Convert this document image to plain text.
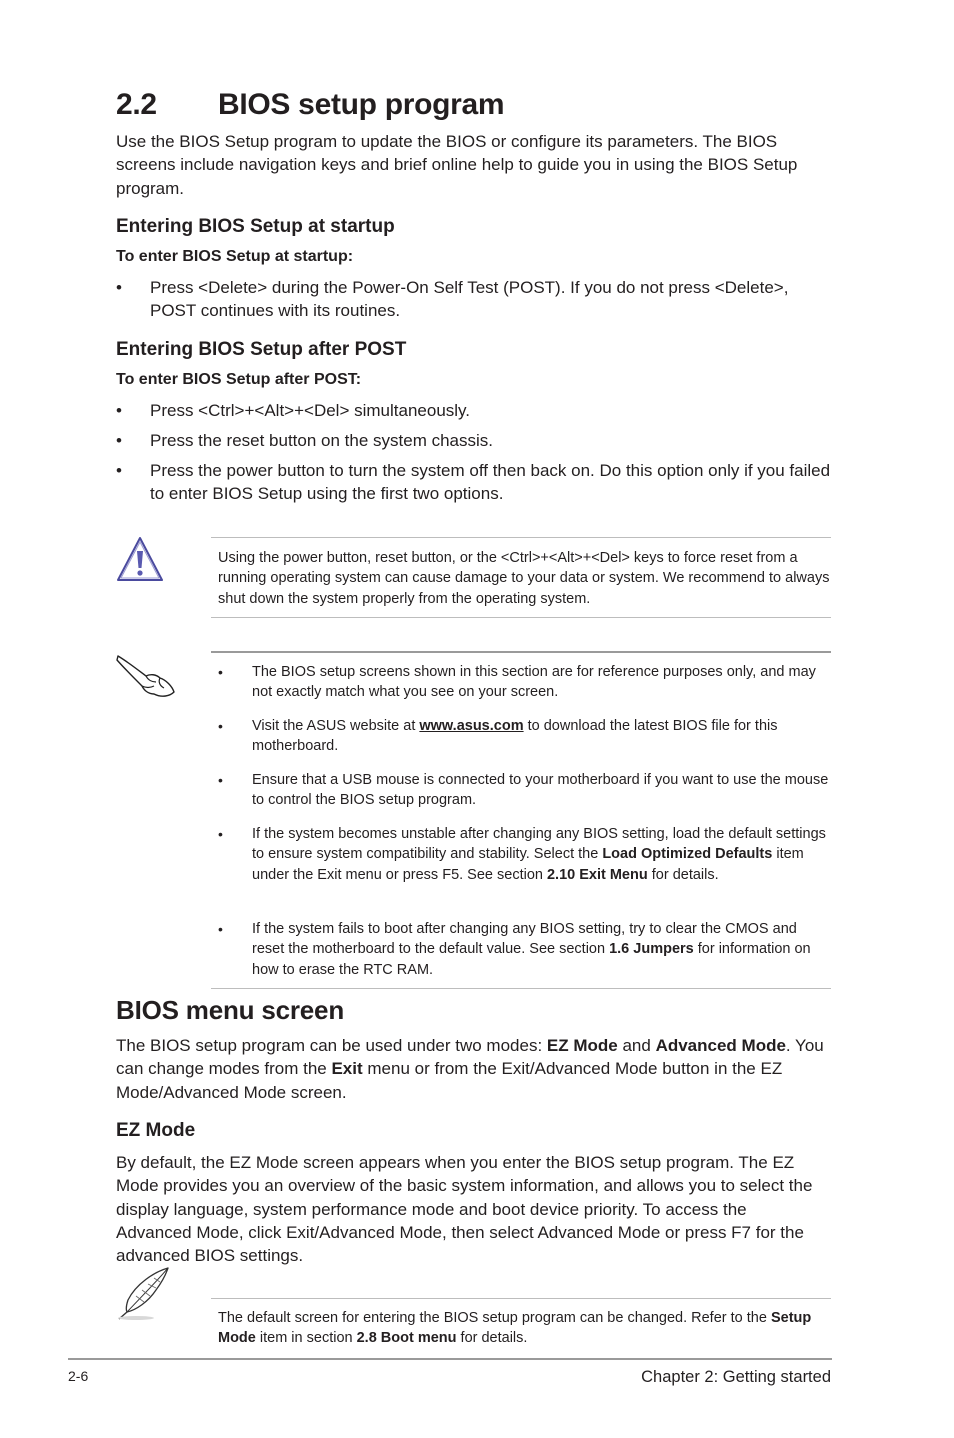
2.2 BIOS setup program

Use the BIOS Setup program to update the BIOS or configure its parameters. The BIOS screens include navigation keys and brief online help to guide you in using the BIOS Setup program.

Entering BIOS Setup at startup
To enter BIOS Setup at startup:
• Press <Delete> during the Power-On Self Test (POST). If you do not press <Delete>, POST continues with its routines.
Entering BIOS Setup after POST
To enter BIOS Setup after POST:
• Press <Ctrl>+<Alt>+<Del> simultaneously.
• Press the reset button on the system chassis.
• Press the power button to turn the system off then back on. Do this option only if you failed to enter BIOS Setup using the first two options.
Using the power button, reset button, or the <Ctrl>+<Alt>+<Del> keys to force reset from a running operating system can cause damage to your data or system. We recommend to always shut down the system properly from the operating system.
• The BIOS setup screens shown in this section are for reference purposes only, and may not exactly match what you see on your screen.
• Visit the ASUS website at www.asus.com to download the latest BIOS file for this motherboard.
• Ensure that a USB mouse is connected to your motherboard if you want to use the mouse to control the BIOS setup program.
• If the system becomes unstable after changing any BIOS setting, load the default settings to ensure system compatibility and stability. Select the Load Optimized Defaults item under the Exit menu or press F5. See section 2.10 Exit Menu for details.
• If the system fails to boot after changing any BIOS setting, try to clear the CMOS and reset the motherboard to the default value. See section 1.6 Jumpers for information on how to erase the RTC RAM.
BIOS menu screen

The BIOS setup program can be used under two modes: EZ Mode and Advanced Mode. You can change modes from the Exit menu or from the Exit/Advanced Mode button in the EZ Mode/Advanced Mode screen.

EZ Mode

By default, the EZ Mode screen appears when you enter the BIOS setup program. The EZ Mode provides you an overview of the basic system information, and allows you to select the display language, system performance mode and boot device priority. To access the Advanced Mode, click Exit/Advanced Mode, then select Advanced Mode or press F7 for the advanced BIOS settings.

The default screen for entering the BIOS setup program can be changed. Refer to the Setup Mode item in section 2.8 Boot menu for details.
2-6	Chapter 2: Getting started
